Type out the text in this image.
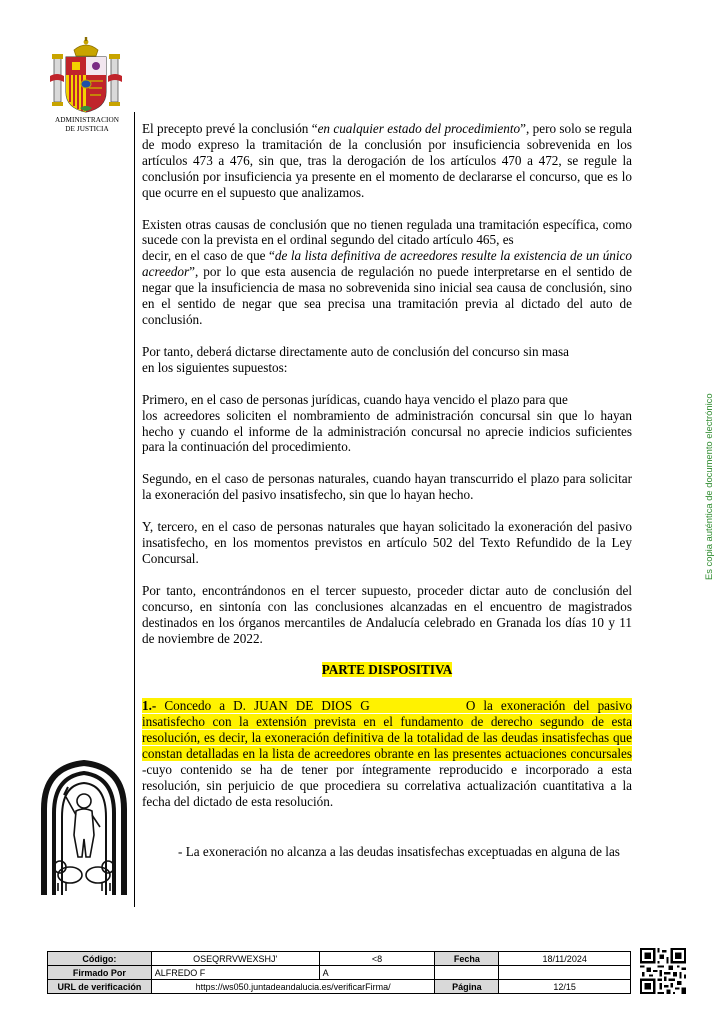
ADMINISTRACION
DE JUSTICIA
Es copia auténtica de documento electrónico

El precepto prevé la conclusión “en cualquier estado del procedimiento”, pero solo se regula de modo expreso la tramitación de la conclusión por insuficiencia sobrevenida en los artículos 473 a 476, sin que, tras la derogación de los artículos 470 a 472, se regule la conclusión por insuficiencia ya presente en el momento de declararse el concurso, que es lo que ocurre en el supuesto que analizamos.

Existen otras causas de conclusión que no tienen regulada una tramitación específica, como sucede con la prevista en el ordinal segundo del citado artículo 465, es
decir, en el caso de que “de la lista definitiva de acreedores resulte la existencia de un único acreedor”, por lo que esta ausencia de regulación no puede interpretarse en el sentido de negar que la insuficiencia de masa no sobrevenida sino inicial sea causa de conclusión, sino en el sentido de negar que sea precisa una tramitación previa al dictado del auto de conclusión.

Por tanto, deberá dictarse directamente auto de conclusión del concurso sin masa
en los siguientes supuestos:

Primero, en el caso de personas jurídicas, cuando haya vencido el plazo para que
los acreedores soliciten el nombramiento de administración concursal sin que lo hayan hecho y cuando el informe de la administración concursal no aprecie indicios suficientes para la continuación del procedimiento.

Segundo, en el caso de personas naturales, cuando hayan transcurrido el plazo para solicitar la exoneración del pasivo insatisfecho, sin que lo hayan hecho.

Y, tercero, en el caso de personas naturales que hayan solicitado la exoneración del pasivo insatisfecho, en los momentos previstos en artículo 502 del Texto Refundido de la Ley Concursal.

Por tanto, encontrándonos en el tercer supuesto, proceder dictar auto de conclusión del concurso, en sintonía con las conclusiones alcanzadas en el encuentro de magistrados destinados en los órganos mercantiles de Andalucía celebrado en Granada los días 10 y 11 de noviembre de 2022.

PARTE DISPOSITIVA

1.- Concedo a D. JUAN DE DIOS G	O la exoneración del pasivo insatisfecho con la extensión prevista en el fundamento de derecho segundo de esta resolución, es decir, la exoneración definitiva de la totalidad de las deudas insatisfechas que constan detalladas en la lista de acreedores obrante en las presentes actuaciones concursales -cuyo contenido se ha de tener por íntegramente reproducido e incorporado a esta resolución, sin perjuicio de que procediera su correlativa actualización cuantitativa a la fecha del dictado de esta resolución.

- La exoneración no alcanza a las deudas insatisfechas exceptuadas en alguna de las

Código:	OSEQRRVWEXSHJ'	<8	Fecha	18/11/2024
Firmado Por	ALFREDO F	A		
URL de verificación	https://ws050.juntadeandalucia.es/verificarFirma/		Página	12/15
